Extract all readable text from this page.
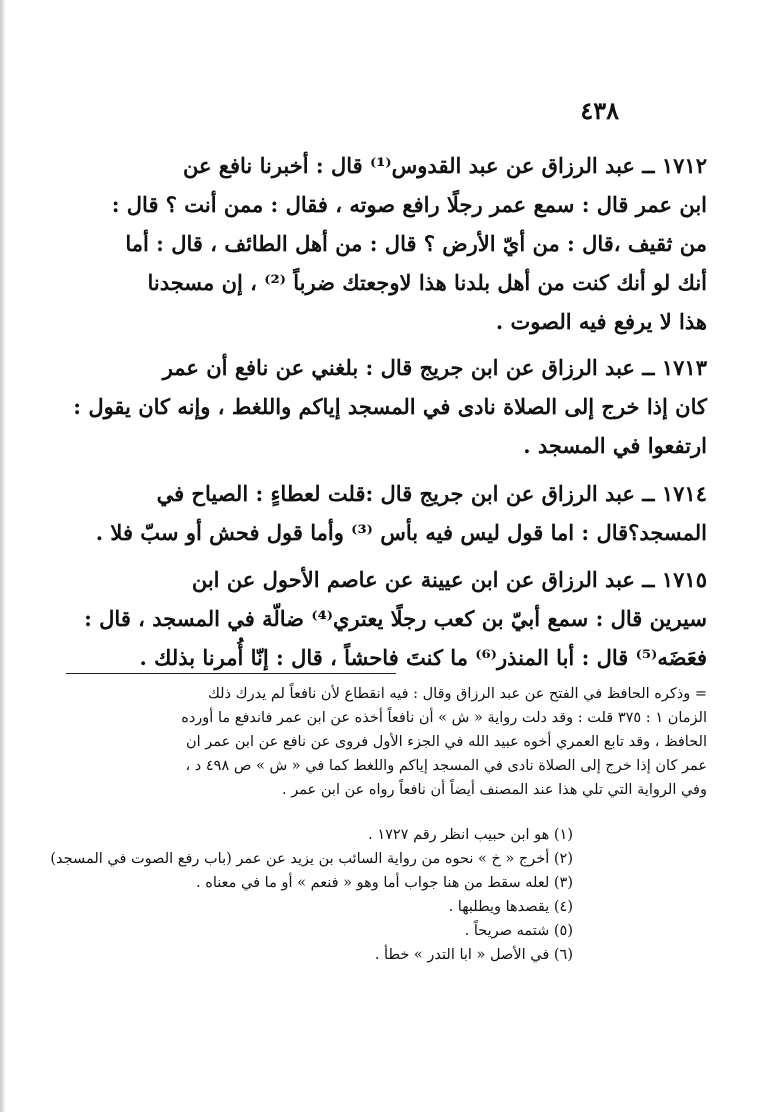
٤٣٨

١٧١٢ ــ عبد الرزاق عن عبد القدوس⁽¹⁾ قال : أخبرنا نافع عن

ابن عمر قال : سمع عمر رجلًا رافع صوته ، فقال : ممن أنت ؟ قال :

من ثقيف ،قال : من أيّ الأرض ؟ قال : من أهل الطائف ، قال : أما

أنك لو أنك كنت من أهل بلدنا هذا لاوجعتك ضرباً ⁽²⁾ ، إن مسجدنا

هذا لا يرفع فيه الصوت .

١٧١٣ ــ عبد الرزاق عن ابن جريج قال : بلغني عن نافع أن عمر

كان إذا خرج إلى الصلاة نادى في المسجد إياكم واللغط ، وإنه كان يقول :

ارتفعوا في المسجد .

١٧١٤ ــ عبد الرزاق عن ابن جريج قال :قلت لعطاءٍ : الصياح في

المسجد؟قال : اما قول ليس فيه بأس ⁽³⁾ وأما قول فحش أو سبّ فلا .

١٧١٥ ــ عبد الرزاق عن ابن عيينة عن عاصم الأحول عن ابن

سيرين قال : سمع أبيّ بن كعب رجلًا يعتري⁽⁴⁾ ضالّة في المسجد ، قال :

فعَضَه⁽⁵⁾ قال : أبا المنذر⁽⁶⁾ ما كنتَ فاحشاً ، قال : إنّا أُمرنا بذلك .

= وذكره الحافظ في الفتح عن عبد الرزاق وقال : فيه انقطاع لأن نافعاً لم يدرك ذلك

الزمان ١ : ٣٧٥ قلت : وقد دلت رواية « ش » أن نافعاً أخذه عن ابن عمر فاندفع ما أورده

الحافظ ، وقد تابع العمري أخوه عبيد الله في الجزء الأول فروى عن نافع عن ابن عمر ان

عمر كان إذا خرج إلى الصلاة نادى في المسجد إياكم واللغط كما في « ش » ص ٤٩٨ د ،

وفي الرواية التي تلي هذا عند المصنف أيضاً أن نافعاً رواه عن ابن عمر .

(١) هو ابن حبيب انظر رقم ١٧٢٧ .
(٢) أخرج « خ » نحوه من رواية السائب بن يزيد عن عمر (باب رفع الصوت في المسجد)
(٣) لعله سقط من هنا جواب أما وهو « فنعم » أو ما في معناه .
(٤) يقصدها ويطلبها .
(٥) شتمه صريحاً .
(٦) في الأصل « ابا التدر » خطأ .
